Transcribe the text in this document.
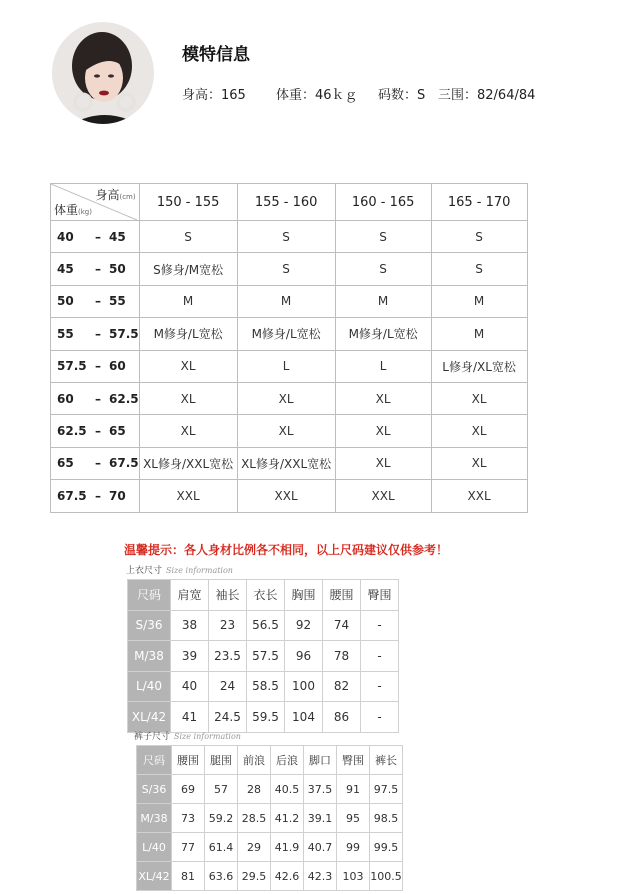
模特信息
身高：165 体重：46ｋｇ 码数：S 三围：82/64/84
身高(cm)
体重(kg)	150 - 155	155 - 160	160 - 165	165 - 170
40 – 45	S	S	S	S
45 – 50	S修身/M宽松	S	S	S
50 – 55	M	M	M	M
55 – 57.5	M修身/L宽松	M修身/L宽松	M修身/L宽松	M
57.5 – 60	XL	L	L	L修身/XL宽松
60 – 62.5	XL	XL	XL	XL
62.5 – 65	XL	XL	XL	XL
65 – 67.5	XL修身/XXL宽松	XL修身/XXL宽松	XL	XL
67.5 – 70	XXL	XXL	XXL	XXL
温馨提示：各人身材比例各不相同，以上尺码建议仅供参考！
上衣尺寸 Size information
尺码	肩宽	袖长	衣长	胸围	腰围	臀围
S/36	38	23	56.5	92	74	-
M/38	39	23.5	57.5	96	78	-
L/40	40	24	58.5	100	82	-
XL/42	41	24.5	59.5	104	86	-
裤子尺寸 Size information
尺码	腰围	腿围	前浪	后浪	脚口	臀围	裤长
S/36	69	57	28	40.5	37.5	91	97.5
M/38	73	59.2	28.5	41.2	39.1	95	98.5
L/40	77	61.4	29	41.9	40.7	99	99.5
XL/42	81	63.6	29.5	42.6	42.3	103	100.5
